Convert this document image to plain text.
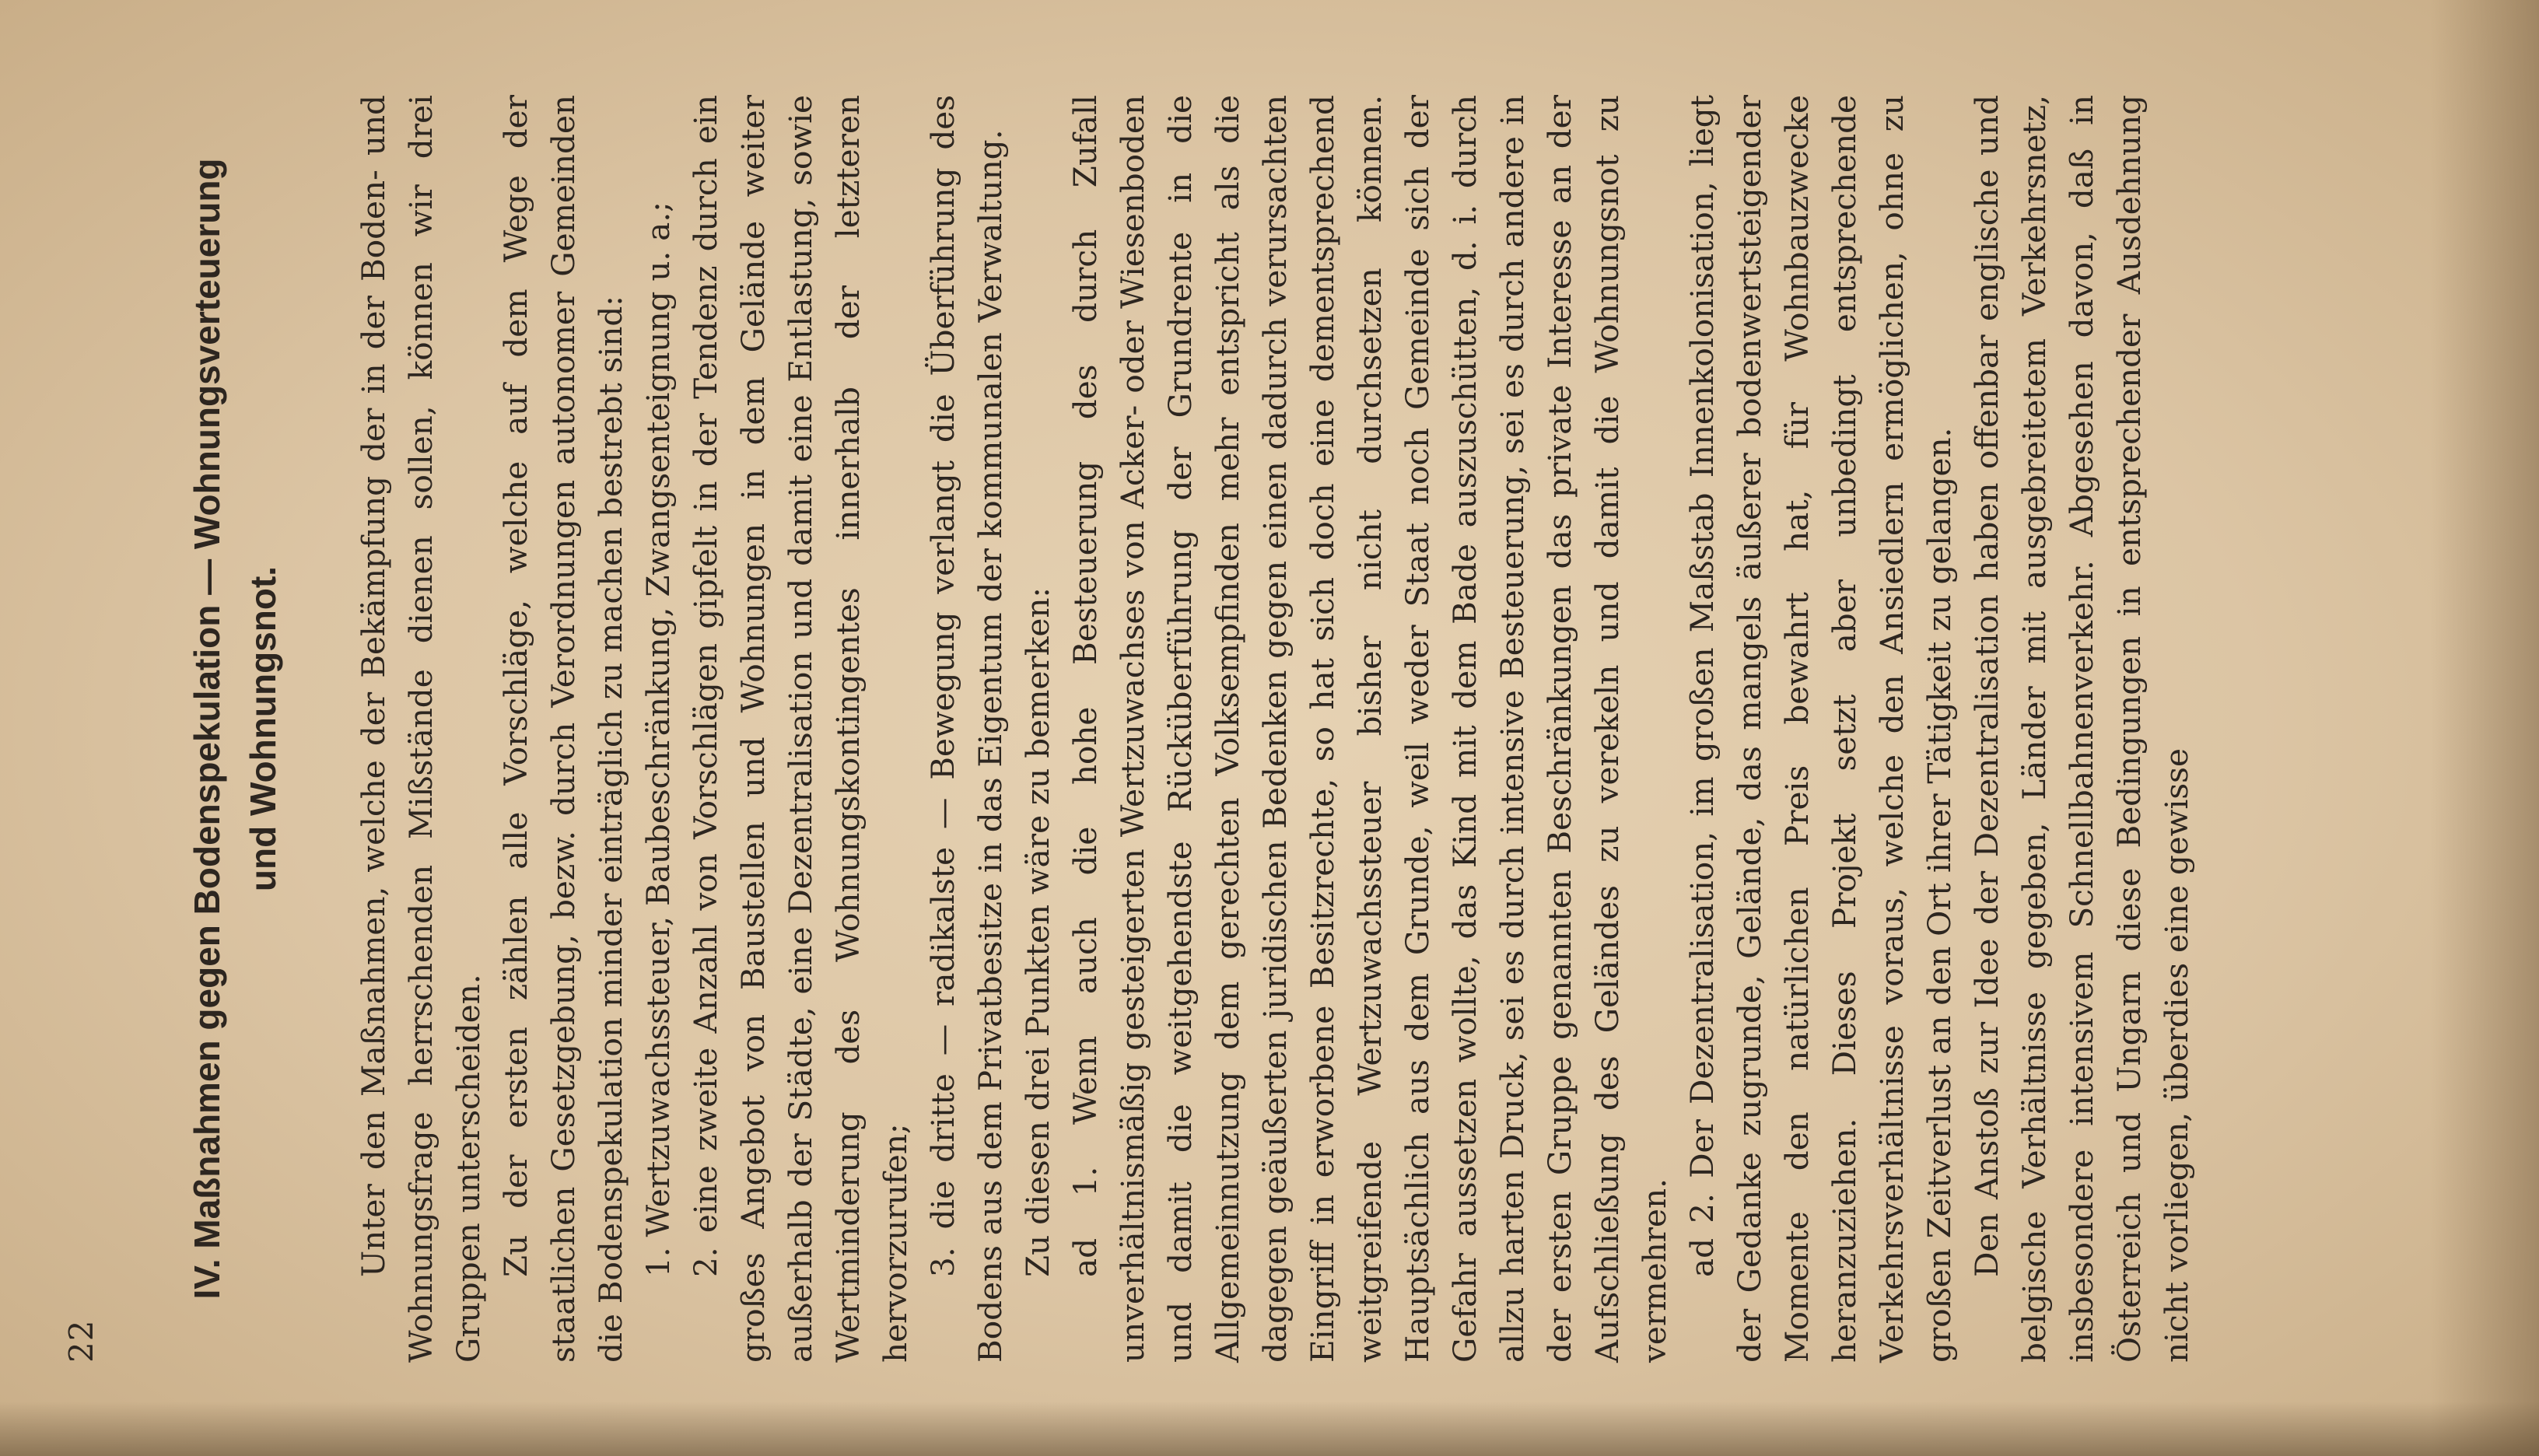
22
IV. Maßnahmen gegen Bodenspekulation — Wohnungsverteuerung und Wohnungsnot. Unter den Maßnahmen, welche der Bekämpfung der in der Boden- und Wohnungsfrage herrschenden Mißstände dienen sollen, können wir drei Gruppen unterscheiden. Zu der ersten zählen alle Vorschläge, welche auf dem Wege der staatlichen Gesetzgebung, bezw. durch Verordnungen autonomer Gemeinden die Bodenspekulation minder einträglich zu machen bestrebt sind: 1. Wertzuwachssteuer, Baubeschränkung, Zwangsenteignung u. a.; 2. eine zweite Anzahl von Vorschlägen gipfelt in der Tendenz durch ein großes Angebot von Baustellen und Wohnungen in dem Gelände weiter außerhalb der Städte, eine Dezentralisation und damit eine Entlastung, sowie Wertminderung des Wohnungskontingentes innerhalb der letzteren hervorzurufen; 3. die dritte — radikalste — Bewegung verlangt die Überführung des Bodens aus dem Privatbesitze in das Eigentum der kommunalen Verwaltung. Zu diesen drei Punkten wäre zu bemerken: ad 1. Wenn auch die hohe Besteuerung des durch Zufall unverhältnismäßig gesteigerten Wertzuwachses von Acker- oder Wiesenboden und damit die weitgehendste Rücküberführung der Grundrente in die Allgemeinnutzung dem gerechten Volksempfinden mehr entspricht als die dagegen geäußerten juridischen Bedenken gegen einen dadurch verursachten Eingriff in erworbene Besitzrechte, so hat sich doch eine dementsprechend weitgreifende Wertzuwachssteuer bisher nicht durchsetzen können. Hauptsächlich aus dem Grunde, weil weder Staat noch Gemeinde sich der Gefahr aussetzen wollte, das Kind mit dem Bade auszuschütten, d. i. durch allzu harten Druck, sei es durch intensive Besteuerung, sei es durch andere in der ersten Gruppe genannten Beschränkungen das private Interesse an der Aufschließung des Geländes zu verekeln und damit die Wohnungsnot zu vermehren. ad 2. Der Dezentralisation, im großen Maßstab Innenkolonisation, liegt der Gedanke zugrunde, Gelände, das mangels äußerer bodenwertsteigender Momente den natürlichen Preis bewahrt hat, für Wohnbauzwecke heranzuziehen. Dieses Projekt setzt aber unbedingt entsprechende Verkehrsverhältnisse voraus, welche den Ansiedlern ermöglichen, ohne zu großen Zeitverlust an den Ort ihrer Tätigkeit zu gelangen. Den Anstoß zur Idee der Dezentralisation haben offenbar englische und belgische Verhältnisse gegeben, Länder mit ausgebreitetem Verkehrsnetz, insbesondere intensivem Schnellbahnenverkehr. Abgesehen davon, daß in Österreich und Ungarn diese Bedingungen in entsprechender Ausdehnung nicht vorliegen, überdies eine gewisse
